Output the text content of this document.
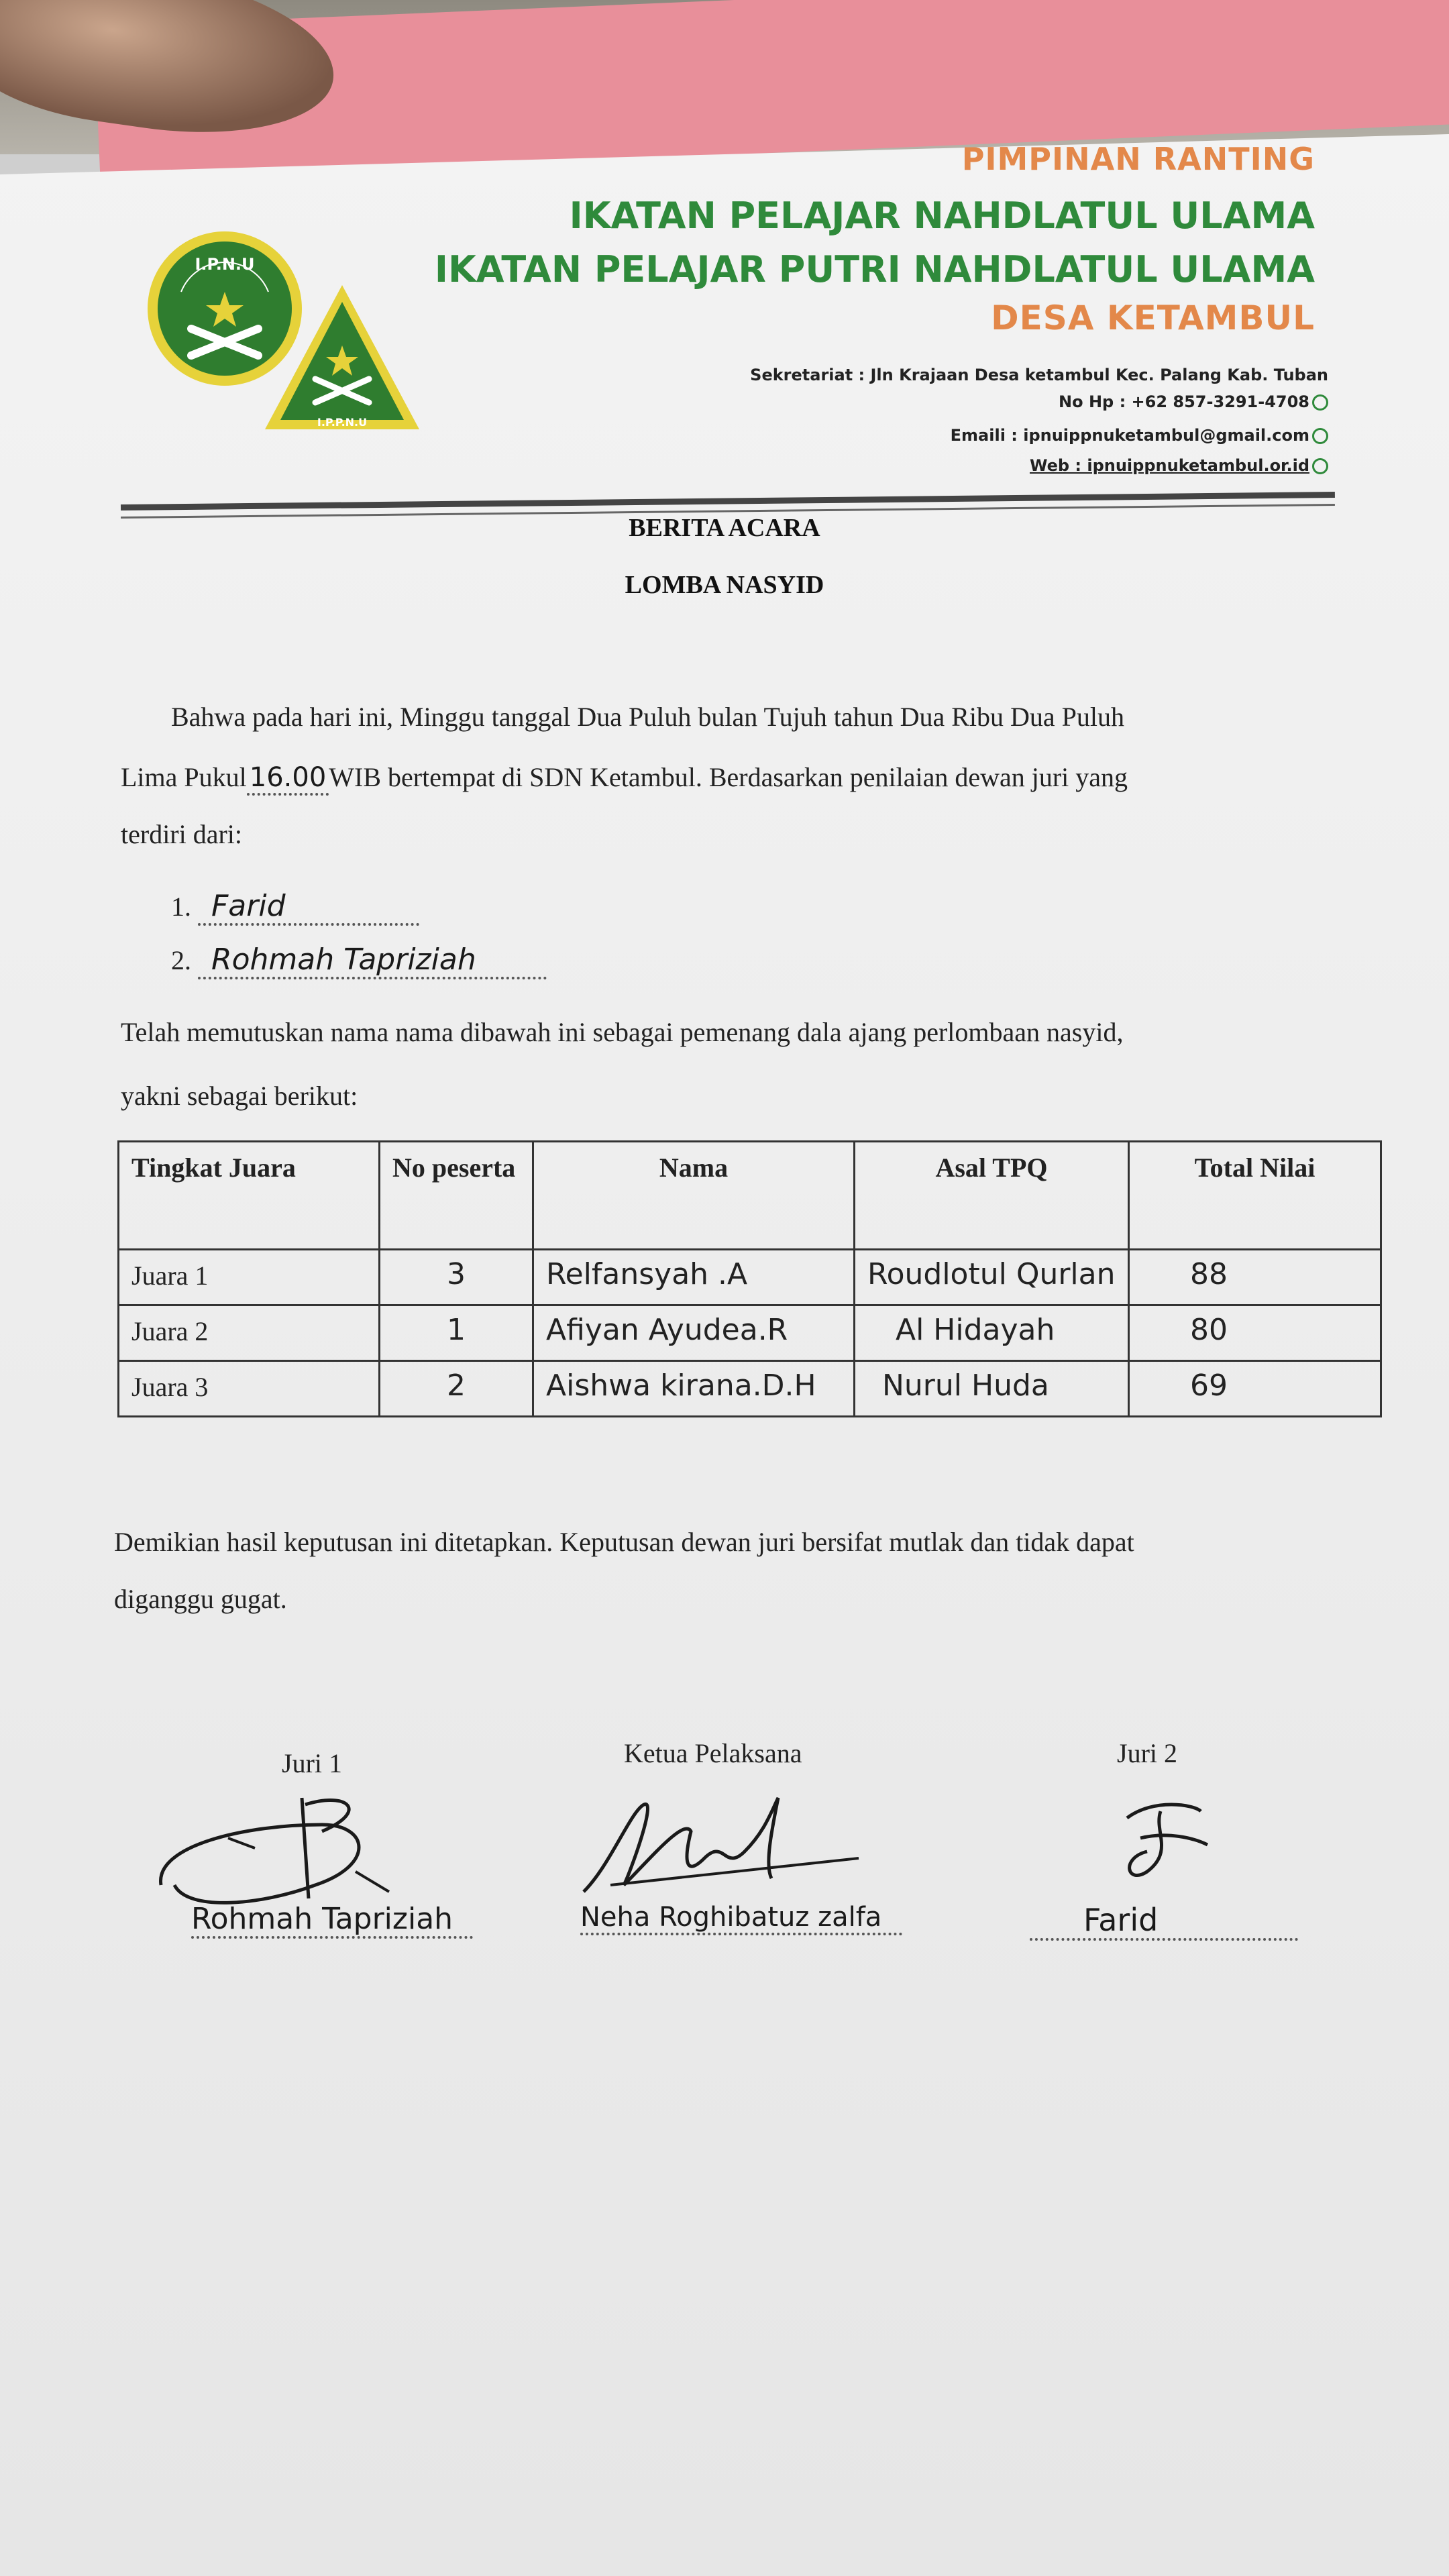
I.P.N.U
I.P.P.N.U
PIMPINAN RANTING
IKATAN PELAJAR NAHDLATUL ULAMA
IKATAN PELAJAR PUTRI NAHDLATUL ULAMA
DESA KETAMBUL
Sekretariat : Jln Krajaan Desa ketambul Kec. Palang Kab. Tuban
No Hp : +62 857-3291-4708
Emaili : ipnuippnuketambul@gmail.com
Web : ipnuippnuketambul.or.id
BERITA ACARA
LOMBA NASYID
Bahwa pada hari ini, Minggu tanggal Dua Puluh bulan Tujuh tahun Dua Ribu Dua Puluh
Lima Pukul 16.00 WIB bertempat di SDN Ketambul. Berdasarkan penilaian dewan juri yang
terdiri dari:
1. Farid
2. Rohmah Tapriziah
Telah memutuskan nama nama dibawah ini sebagai pemenang dala ajang perlombaan nasyid,
yakni sebagai berikut:
Tingkat Juara	No peserta	Nama	Asal TPQ	Total Nilai
Juara 1	3	Relfansyah .A	Roudlotul Qurlan	88
Juara 2	1	Afiyan Ayudea.R	Al Hidayah	80
Juara 3	2	Aishwa kirana.D.H	Nurul Huda	69
Demikian hasil keputusan ini ditetapkan. Keputusan dewan juri bersifat mutlak dan tidak dapat
diganggu gugat.
Juri 1	Ketua Pelaksana	Juri 2
Rohmah Tapriziah	Neha Roghibatuz zalfa	Farid
